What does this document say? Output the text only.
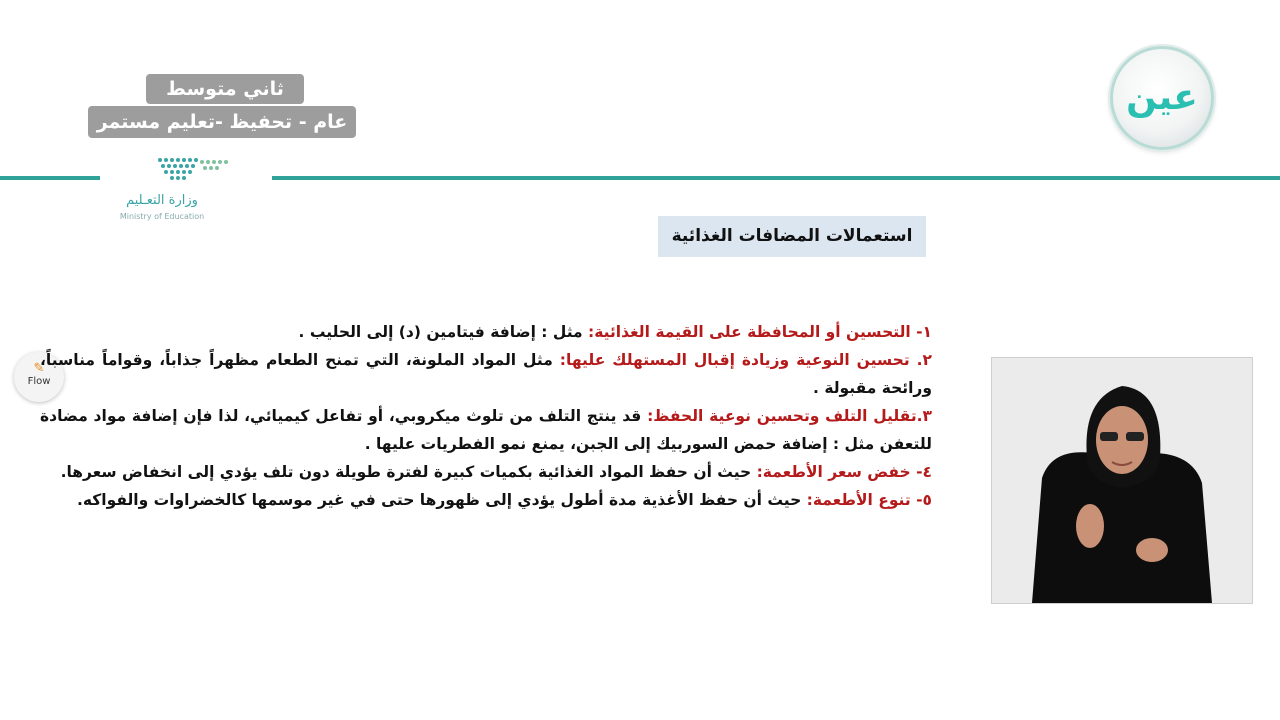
ثاني متوسط
عام - تحفيظ -تعليم مستمر
وزارة التعـليم
Ministry of Education
عين
✎
Flow
استعمالات المضافات الغذائية

١- التحسين أو المحافظة على القيمة الغذائية: مثل : إضافة فيتامين (د) إلى الحليب .

٢. تحسين النوعية وزيادة إقبال المستهلك عليها: مثل المواد الملونة، التي تمنح الطعام مظهراً جذاباً، وقواماً مناسباً، ورائحة مقبولة .

٣.تقليل التلف وتحسين نوعية الحفظ: قد ينتج التلف من تلوث ميكروبي، أو تفاعل كيميائي، لذا فإن إضافة مواد مضادة للتعفن مثل : إضافة حمض السوربيك إلى الجبن، يمنع نمو الفطريات عليها .

٤- خفض سعر الأطعمة: حيث أن حفظ المواد الغذائية بكميات كبيرة لفترة طويلة دون تلف يؤدي إلى انخفاض سعرها.

٥- تنوع الأطعمة: حيث أن حفظ الأغذية مدة أطول يؤدي إلى ظهورها حتى في غير موسمها كالخضراوات والفواكه.
